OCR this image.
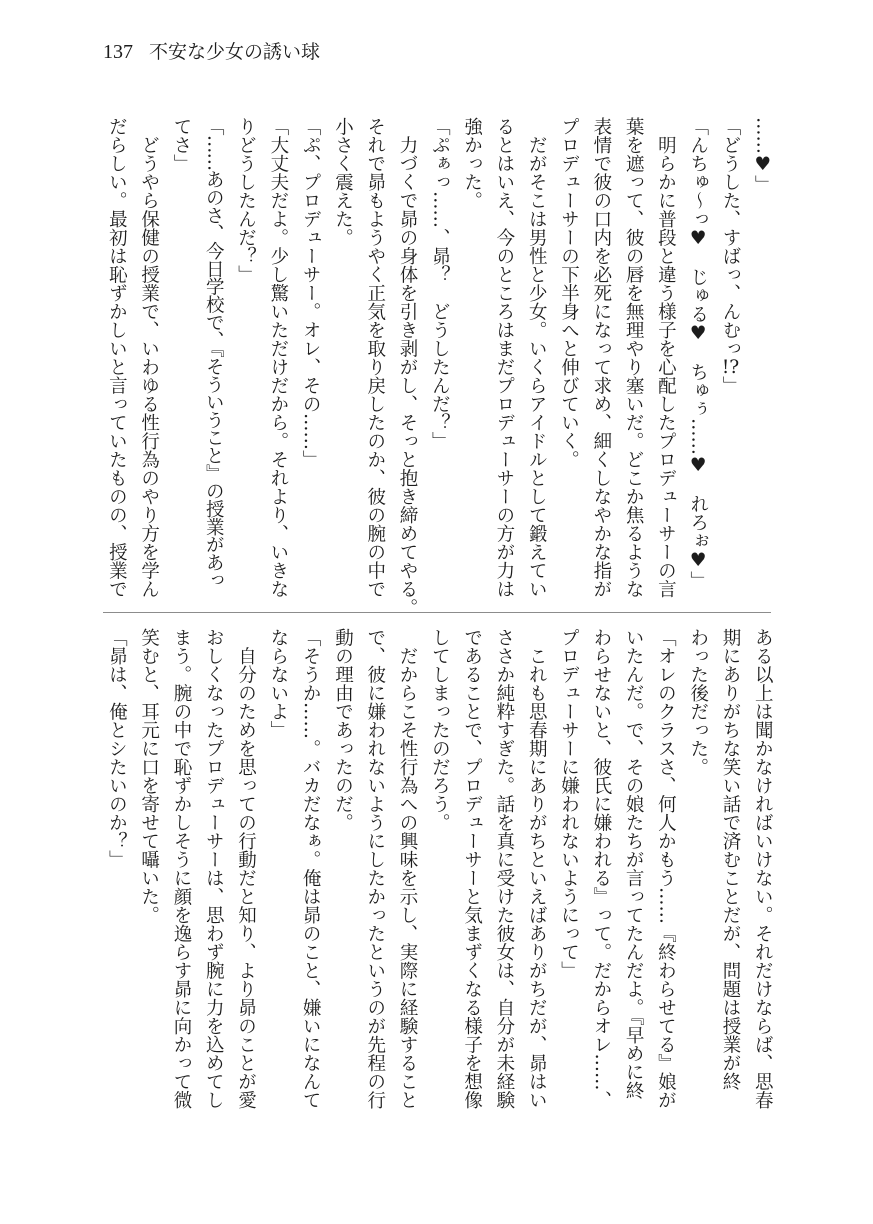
137 不安な少女の誘い球
……♥」
「どうした、すばっ、んむっ!?」
「んちゅ〜っ♥　じゅる♥　ちゅぅ……♥　れろぉ♥」
　明らかに普段と違う様子を心配したプロデューサーの言
葉を遮って、彼の唇を無理やり塞いだ。どこか焦るような
表情で彼の口内を必死になって求め、細くしなやかな指が
プロデューサーの下半身へと伸びていく。
　だがそこは男性と少女。いくらアイドルとして鍛えてい
るとはいえ、今のところはまだプロデューサーの方が力は
強かった。
「ぷぁっ……、昴？　どうしたんだ？」
　力づくで昴の身体を引き剥がし、そっと抱き締めてやる。
それで昴もようやく正気を取り戻したのか、彼の腕の中で
小さく震えた。
「ぷ、プロデューサー。オレ、その……」
「大丈夫だよ。少し驚いただけだから。それより、いきな
りどうしたんだ？」
「……あのさ、今日学校で、『そういうこと』の授業があっ
てさ」
　どうやら保健の授業で、いわゆる性行為のやり方を学ん
だらしい。最初は恥ずかしいと言っていたものの、授業で
ある以上は聞かなければいけない。それだけならば、思春
期にありがちな笑い話で済むことだが、問題は授業が終
わった後だった。
「オレのクラスさ、何人かもう……『終わらせてる』娘が
いたんだ。で、その娘たちが言ってたんだよ。『早めに終
わらせないと、彼氏に嫌われる』って。だからオレ……、
プロデューサーに嫌われないようにって」
　これも思春期にありがちといえばありがちだが、昴はい
ささか純粋すぎた。話を真に受けた彼女は、自分が未経験
であることで、プロデューサーと気まずくなる様子を想像
してしまったのだろう。
　だからこそ性行為への興味を示し、実際に経験すること
で、彼に嫌われないようにしたかったというのが先程の行
動の理由であったのだ。
「そうか……。バカだなぁ。俺は昴のこと、嫌いになんて
ならないよ」
　自分のためを思っての行動だと知り、より昴のことが愛
おしくなったプロデューサーは、思わず腕に力を込めてし
まう。腕の中で恥ずかしそうに顔を逸らす昴に向かって微
笑むと、耳元に口を寄せて囁いた。
「昴は、俺とシたいのか？」
